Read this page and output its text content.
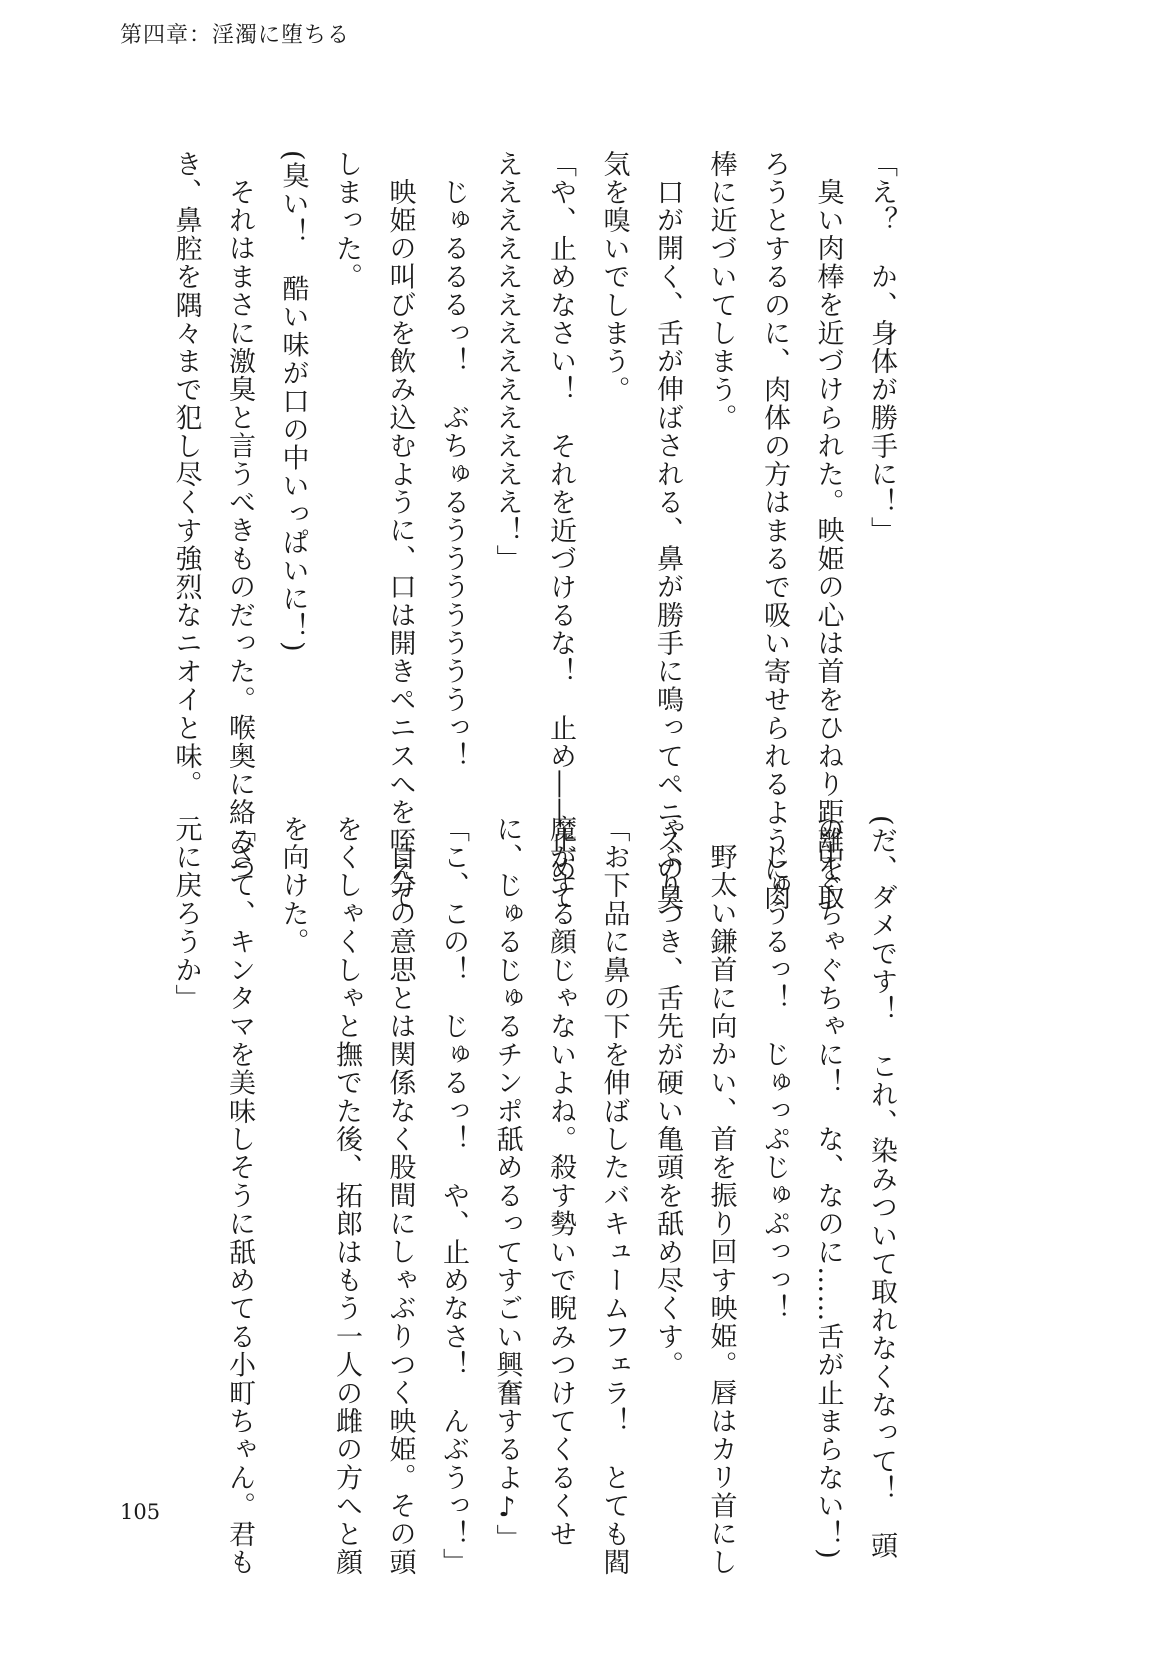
第四章：淫濁に堕ちる
「え？　か、身体が勝手に！」
臭い肉棒を近づけられた。映姫の心は首をひねり距離を取
ろうとするのに、肉体の方はまるで吸い寄せられるように肉
棒に近づいてしまう。
口が開く、舌が伸ばされる、鼻が勝手に鳴ってペニスの臭
気を嗅いでしまう。
「や、止めなさい！　それを近づけるな！　止め――止めて
えええええええええええええ！」
じゅるるるっ！　ぶちゅるうううううううっ！
映姫の叫びを飲み込むように、口は開きペニスへを咥えて
しまった。
(臭い！　酷い味が口の中いっぱいに！)
それはまさに激臭と言うべきものだった。喉奥に絡みつ
き、鼻腔を隅々まで犯し尽くす強烈なニオイと味。
(だ、ダメです！　これ、染みついて取れなくなって！　頭
の中ぐちゃぐちゃに！　な、なのに……舌が止まらない！)
じゅうるっ！　じゅっぷじゅぷっっ！
野太い鎌首に向かい、首を振り回す映姫。唇はカリ首にし
ゃぶりつき、舌先が硬い亀頭を舐め尽くす。
「お下品に鼻の下を伸ばしたバキュームフェラ！　とても閻
魔がする顔じゃないよね。殺す勢いで睨みつけてくるくせ
に、じゅるじゅるチンポ舐めるってすごい興奮するよ♪」
「こ、この！　じゅるっ！　や、止めなさ！　んぶうっ！」
自分の意思とは関係なく股間にしゃぶりつく映姫。その頭
をくしゃくしゃと撫でた後、拓郎はもう一人の雌の方へと顔
を向けた。
「さて、キンタマを美味しそうに舐めてる小町ちゃん。君も
元に戻ろうか」
105
